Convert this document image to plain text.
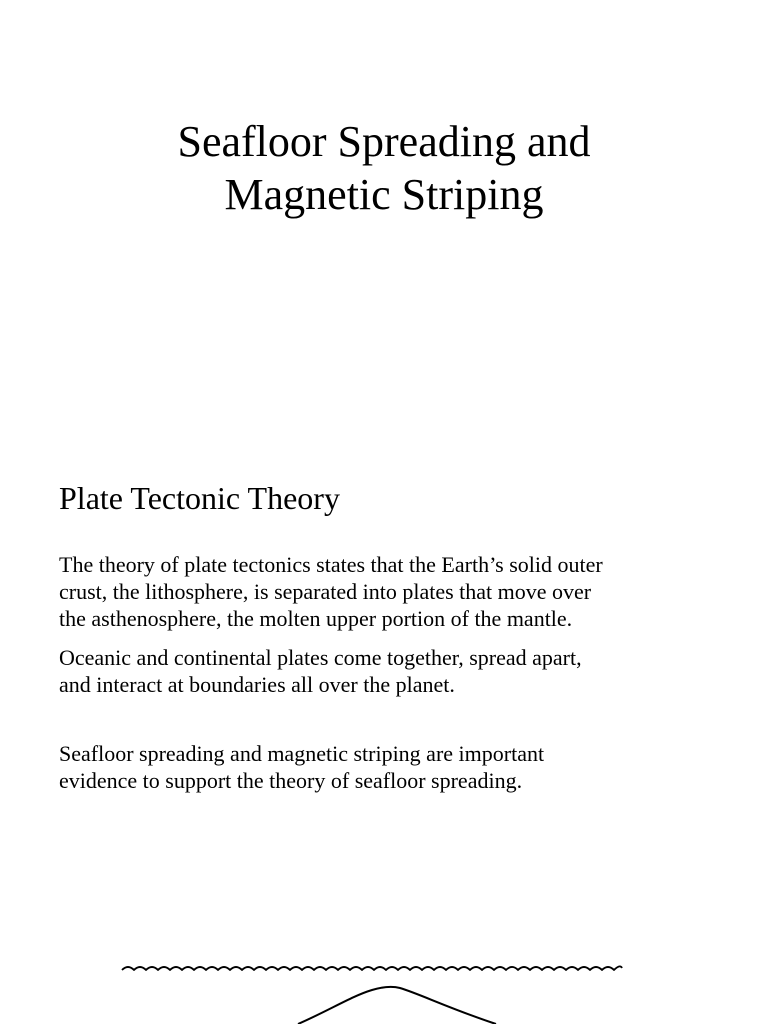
Seafloor Spreading and
Magnetic Striping
Plate Tectonic Theory

The theory of plate tectonics states that the Earth’s solid outer
crust, the lithosphere, is separated into plates that move over
the asthenosphere, the molten upper portion of the mantle.

Oceanic and continental plates come together, spread apart,
and interact at boundaries all over the planet.

Seafloor spreading and magnetic striping are important
evidence to support the theory of seafloor spreading.
